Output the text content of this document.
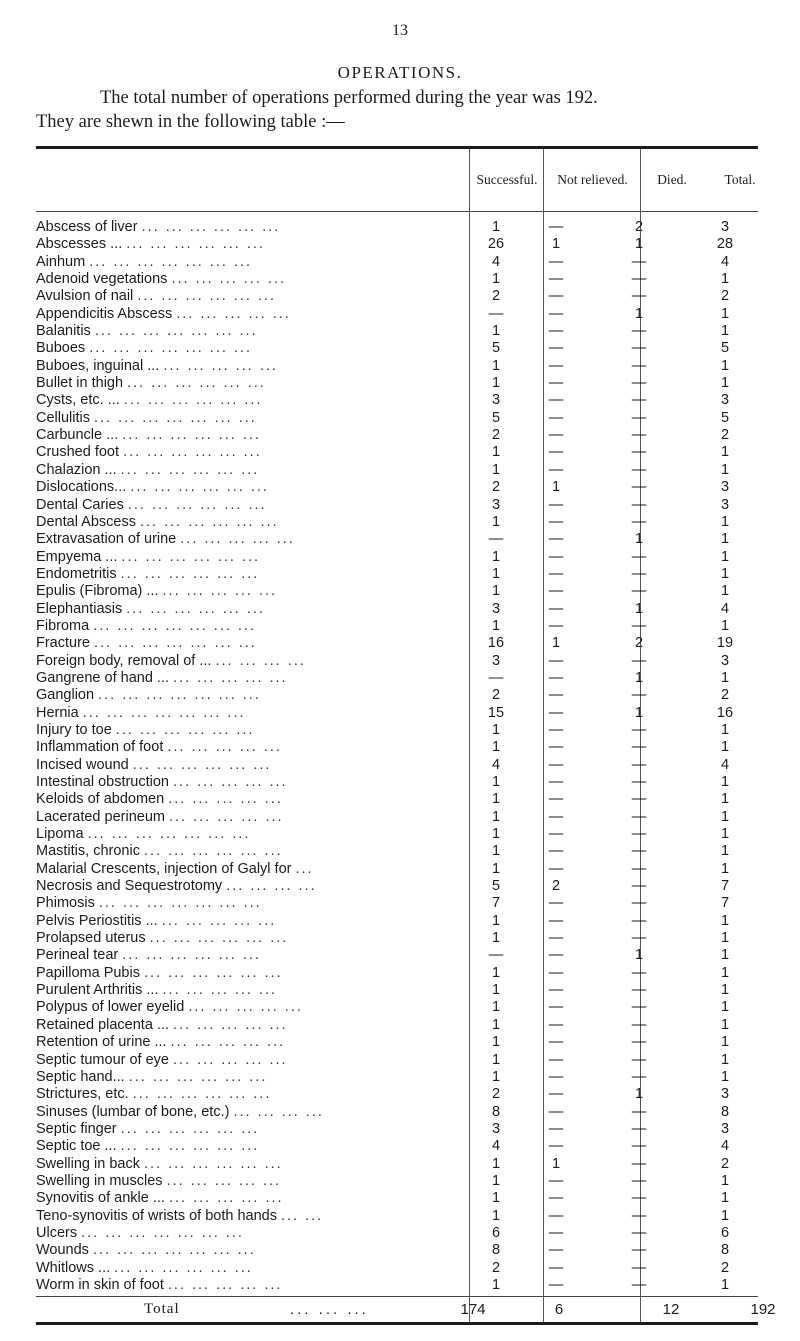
13
OPERATIONS.
The total number of operations performed during the year was 192.
They are shewn in the following table :—
Successful.	Not relieved.	Died.	Total.
Abscess of liver ... ... ... ... ... ...	1	—	2	3
Abscesses ... ... ... ... ... ... ...	26	1	1	28
Ainhum ... ... ... ... ... ... ...	4	—	—	4
Adenoid vegetations ... ... ... ... ...	1	—	—	1
Avulsion of nail ... ... ... ... ... ...	2	—	—	2
Appendicitis Abscess ... ... ... ... ...	—	—	1	1
Balanitis ... ... ... ... ... ... ...	1	—	—	1
Buboes ... ... ... ... ... ... ...	5	—	—	5
Buboes, inguinal ... ... ... ... ... ...	1	—	—	1
Bullet in thigh ... ... ... ... ... ...	1	—	—	1
Cysts, etc. ... ... ... ... ... ... ...	3	—	—	3
Cellulitis ... ... ... ... ... ... ...	5	—	—	5
Carbuncle ... ... ... ... ... ... ...	2	—	—	2
Crushed foot ... ... ... ... ... ...	1	—	—	1
Chalazion ... ... ... ... ... ... ...	1	—	—	1
Dislocations... ... ... ... ... ... ...	2	1	—	3
Dental Caries ... ... ... ... ... ...	3	—	—	3
Dental Abscess ... ... ... ... ... ...	1	—	—	1
Extravasation of urine ... ... ... ... ...	—	—	1	1
Empyema ... ... ... ... ... ... ...	1	—	—	1
Endometritis ... ... ... ... ... ...	1	—	—	1
Epulis (Fibroma) ... ... ... ... ... ...	1	—	—	1
Elephantiasis ... ... ... ... ... ...	3	—	1	4
Fibroma ... ... ... ... ... ... ...	1	—	—	1
Fracture ... ... ... ... ... ... ...	16	1	2	19
Foreign body, removal of ... ... ... ... ...	3	—	—	3
Gangrene of hand ... ... ... ... ... ...	—	—	1	1
Ganglion ... ... ... ... ... ... ...	2	—	—	2
Hernia ... ... ... ... ... ... ...	15	—	1	16
Injury to toe ... ... ... ... ... ...	1	—	—	1
Inflammation of foot ... ... ... ... ...	1	—	—	1
Incised wound ... ... ... ... ... ...	4	—	—	4
Intestinal obstruction ... ... ... ... ...	1	—	—	1
Keloids of abdomen ... ... ... ... ...	1	—	—	1
Lacerated perineum ... ... ... ... ...	1	—	—	1
Lipoma ... ... ... ... ... ... ...	1	—	—	1
Mastitis, chronic ... ... ... ... ... ...	1	—	—	1
Malarial Crescents, injection of Galyl for ...	1	—	—	1
Necrosis and Sequestrotomy ... ... ... ...	5	2	—	7
Phimosis ... ... ... ... ... ... ...	7	—	—	7
Pelvis Periostitis ... ... ... ... ... ...	1	—	—	1
Prolapsed uterus ... ... ... ... ... ...	1	—	—	1
Perineal tear ... ... ... ... ... ...	—	—	1	1
Papilloma Pubis ... ... ... ... ... ...	1	—	—	1
Purulent Arthritis ... ... ... ... ... ...	1	—	—	1
Polypus of lower eyelid ... ... ... ... ...	1	—	—	1
Retained placenta ... ... ... ... ... ...	1	—	—	1
Retention of urine ... ... ... ... ... ...	1	—	—	1
Septic tumour of eye ... ... ... ... ...	1	—	—	1
Septic hand... ... ... ... ... ... ...	1	—	—	1
Strictures, etc. ... ... ... ... ... ...	2	—	1	3
Sinuses (lumbar of bone, etc.) ... ... ... ...	8	—	—	8
Septic finger ... ... ... ... ... ...	3	—	—	3
Septic toe ... ... ... ... ... ... ...	4	—	—	4
Swelling in back ... ... ... ... ... ...	1	1	—	2
Swelling in muscles ... ... ... ... ...	1	—	—	1
Synovitis of ankle ... ... ... ... ... ...	1	—	—	1
Teno-synovitis of wrists of both hands ... ...	1	—	—	1
Ulcers ... ... ... ... ... ... ...	6	—	—	6
Wounds ... ... ... ... ... ... ...	8	—	—	8
Whitlows ... ... ... ... ... ... ...	2	—	—	2
Worm in skin of foot ... ... ... ... ...	1	—	—	1
Total	... ... ...	174	6	12	192
